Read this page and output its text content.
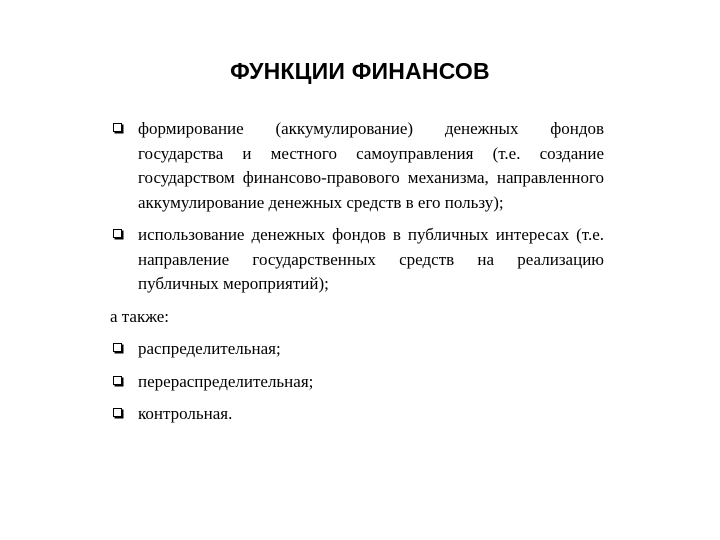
ФУНКЦИИ ФИНАНСОВ
формирование (аккумулирование) денежных фондов государства и местного самоуправления (т.е. создание государством финансово-правового механизма, направленного аккумулирование денежных средств в его пользу);
использование денежных фондов в публичных интересах (т.е. направление государственных средств на реализацию публичных мероприятий);
а также:
распределительная;
перераспределительная;
контрольная.
